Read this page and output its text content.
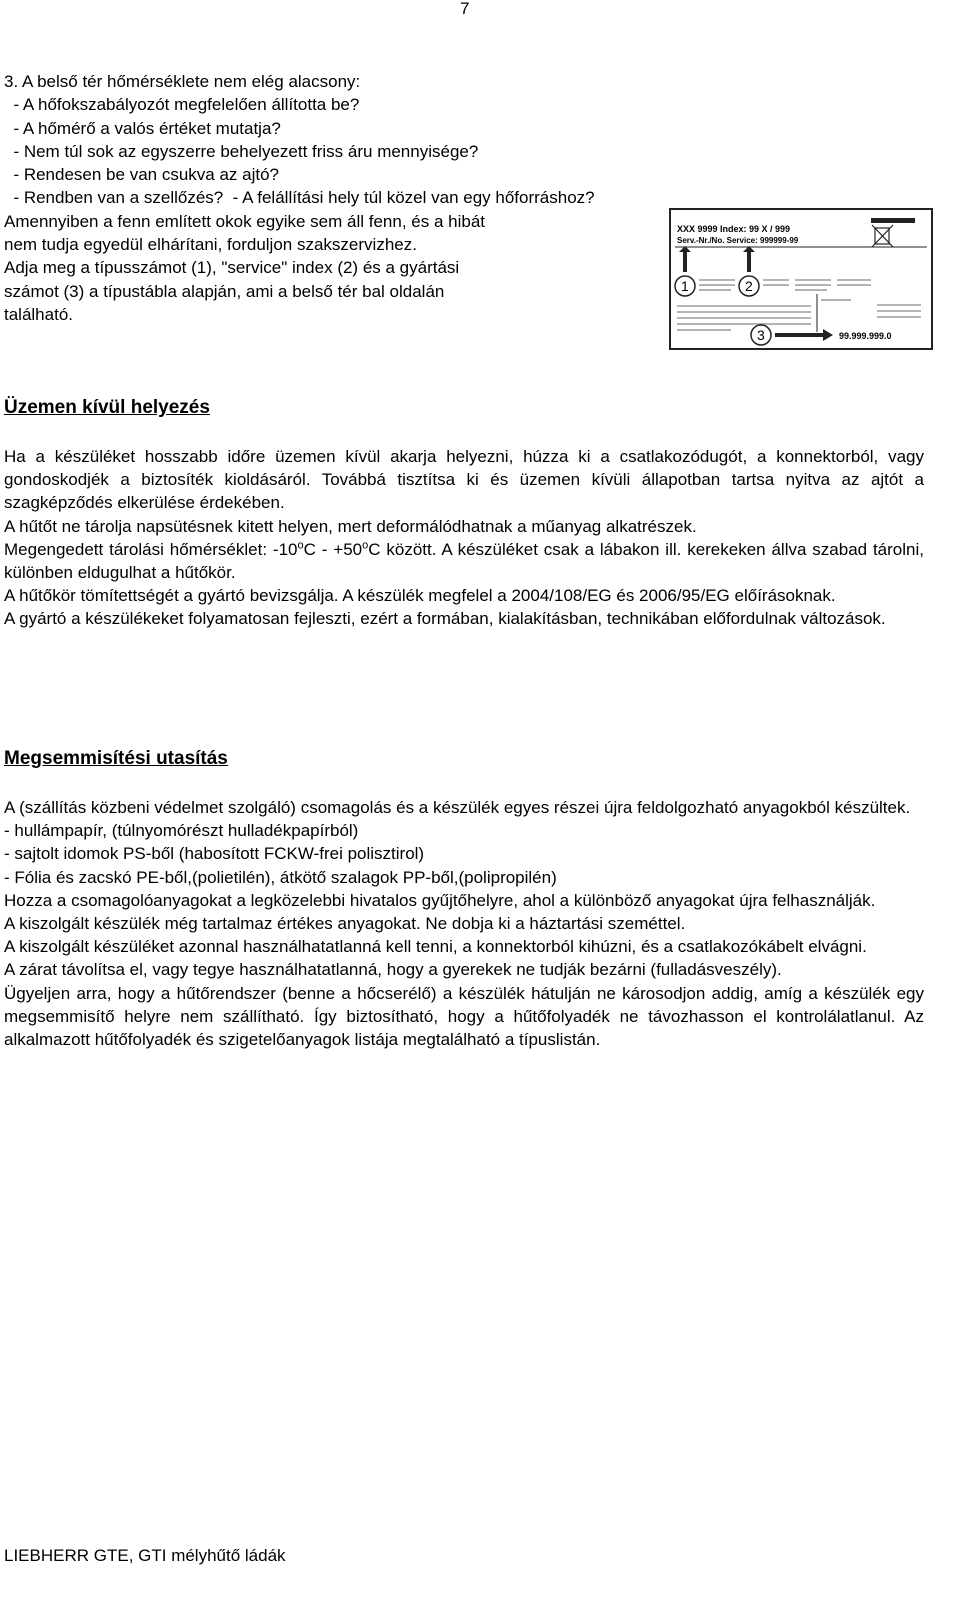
7
3. A belső tér hőmérséklete nem elég alacsony:
- A hőfokszabályozót megfelelően állította be?
- A hőmérő a valós értéket mutatja?
- Nem túl sok az egyszerre behelyezett friss áru mennyisége?
- Rendesen be van csukva az ajtó?
- Rendben van a szellőzés?  - A felállítási hely túl közel van egy hőforráshoz?
Amennyiben a fenn említett okok egyike sem áll fenn, és a hibát
nem tudja egyedül elhárítani, forduljon szakszervizhez.
Adja meg a típusszámot (1), "service" index (2) és a gyártási
számot (3) a típustábla alapján, ami a belső tér bal oldalán
található.
XXX 9999 Index: 99 X / 999
Serv.-Nr./No. Service: 999999-99
1	2
3	99.999.999.0
Üzemen kívül helyezés

Ha a készüléket hosszabb időre üzemen kívül akarja helyezni, húzza ki a csatlakozódugót, a konnektorból, vagy gondoskodjék a biztosíték kioldásáról. Továbbá tisztítsa ki és üzemen kívüli állapotban tartsa nyitva az ajtót a szagképződés elkerülése érdekében.

A hűtőt ne tárolja napsütésnek kitett helyen, mert deformálódhatnak a műanyag alkatrészek.

Megengedett tárolási hőmérséklet: $-10^oC - +50^oC$ között. A készüléket csak a lábakon ill. kerekeken állva szabad tárolni, különben eldugulhat a hűtőkör.

A hűtőkör tömítettségét a gyártó bevizsgálja. A készülék megfelel a 2004/108/EG és 2006/95/EG előírásoknak.

A gyártó a készülékeket folyamatosan fejleszti, ezért a formában, kialakításban, technikában előfordulnak változások.

Megsemmisítési utasítás

A (szállítás közbeni védelmet szolgáló) csomagolás és a készülék egyes részei újra feldolgozható anyagokból készültek.

- hullámpapír, (túlnyomórészt hulladékpapírból)

- sajtolt idomok PS-ből (habosított FCKW-frei polisztirol)

- Fólia és zacskó PE-ből,(polietilén), átkötő szalagok PP-ből,(polipropilén)

Hozza a csomagolóanyagokat a legközelebbi hivatalos gyűjtőhelyre, ahol a különböző anyagokat újra felhasználják.

A kiszolgált készülék még tartalmaz értékes anyagokat. Ne dobja ki a háztartási szeméttel.

A kiszolgált készüléket azonnal használhatatlanná kell tenni, a konnektorból kihúzni, és a csatlakozókábelt elvágni.

A zárat távolítsa el, vagy tegye használhatatlanná, hogy a gyerekek ne tudják bezárni (fulladásveszély).

Ügyeljen arra, hogy a hűtőrendszer (benne a hőcserélő) a készülék hátulján ne károsodjon addig, amíg a készülék egy megsemmisítő helyre nem szállítható. Így biztosítható, hogy a hűtőfolyadék ne távozhasson el kontrolálatlanul. Az alkalmazott hűtőfolyadék és szigetelőanyagok listája megtalálható a típuslistán.

LIEBHERR GTE, GTI mélyhűtő ládák
